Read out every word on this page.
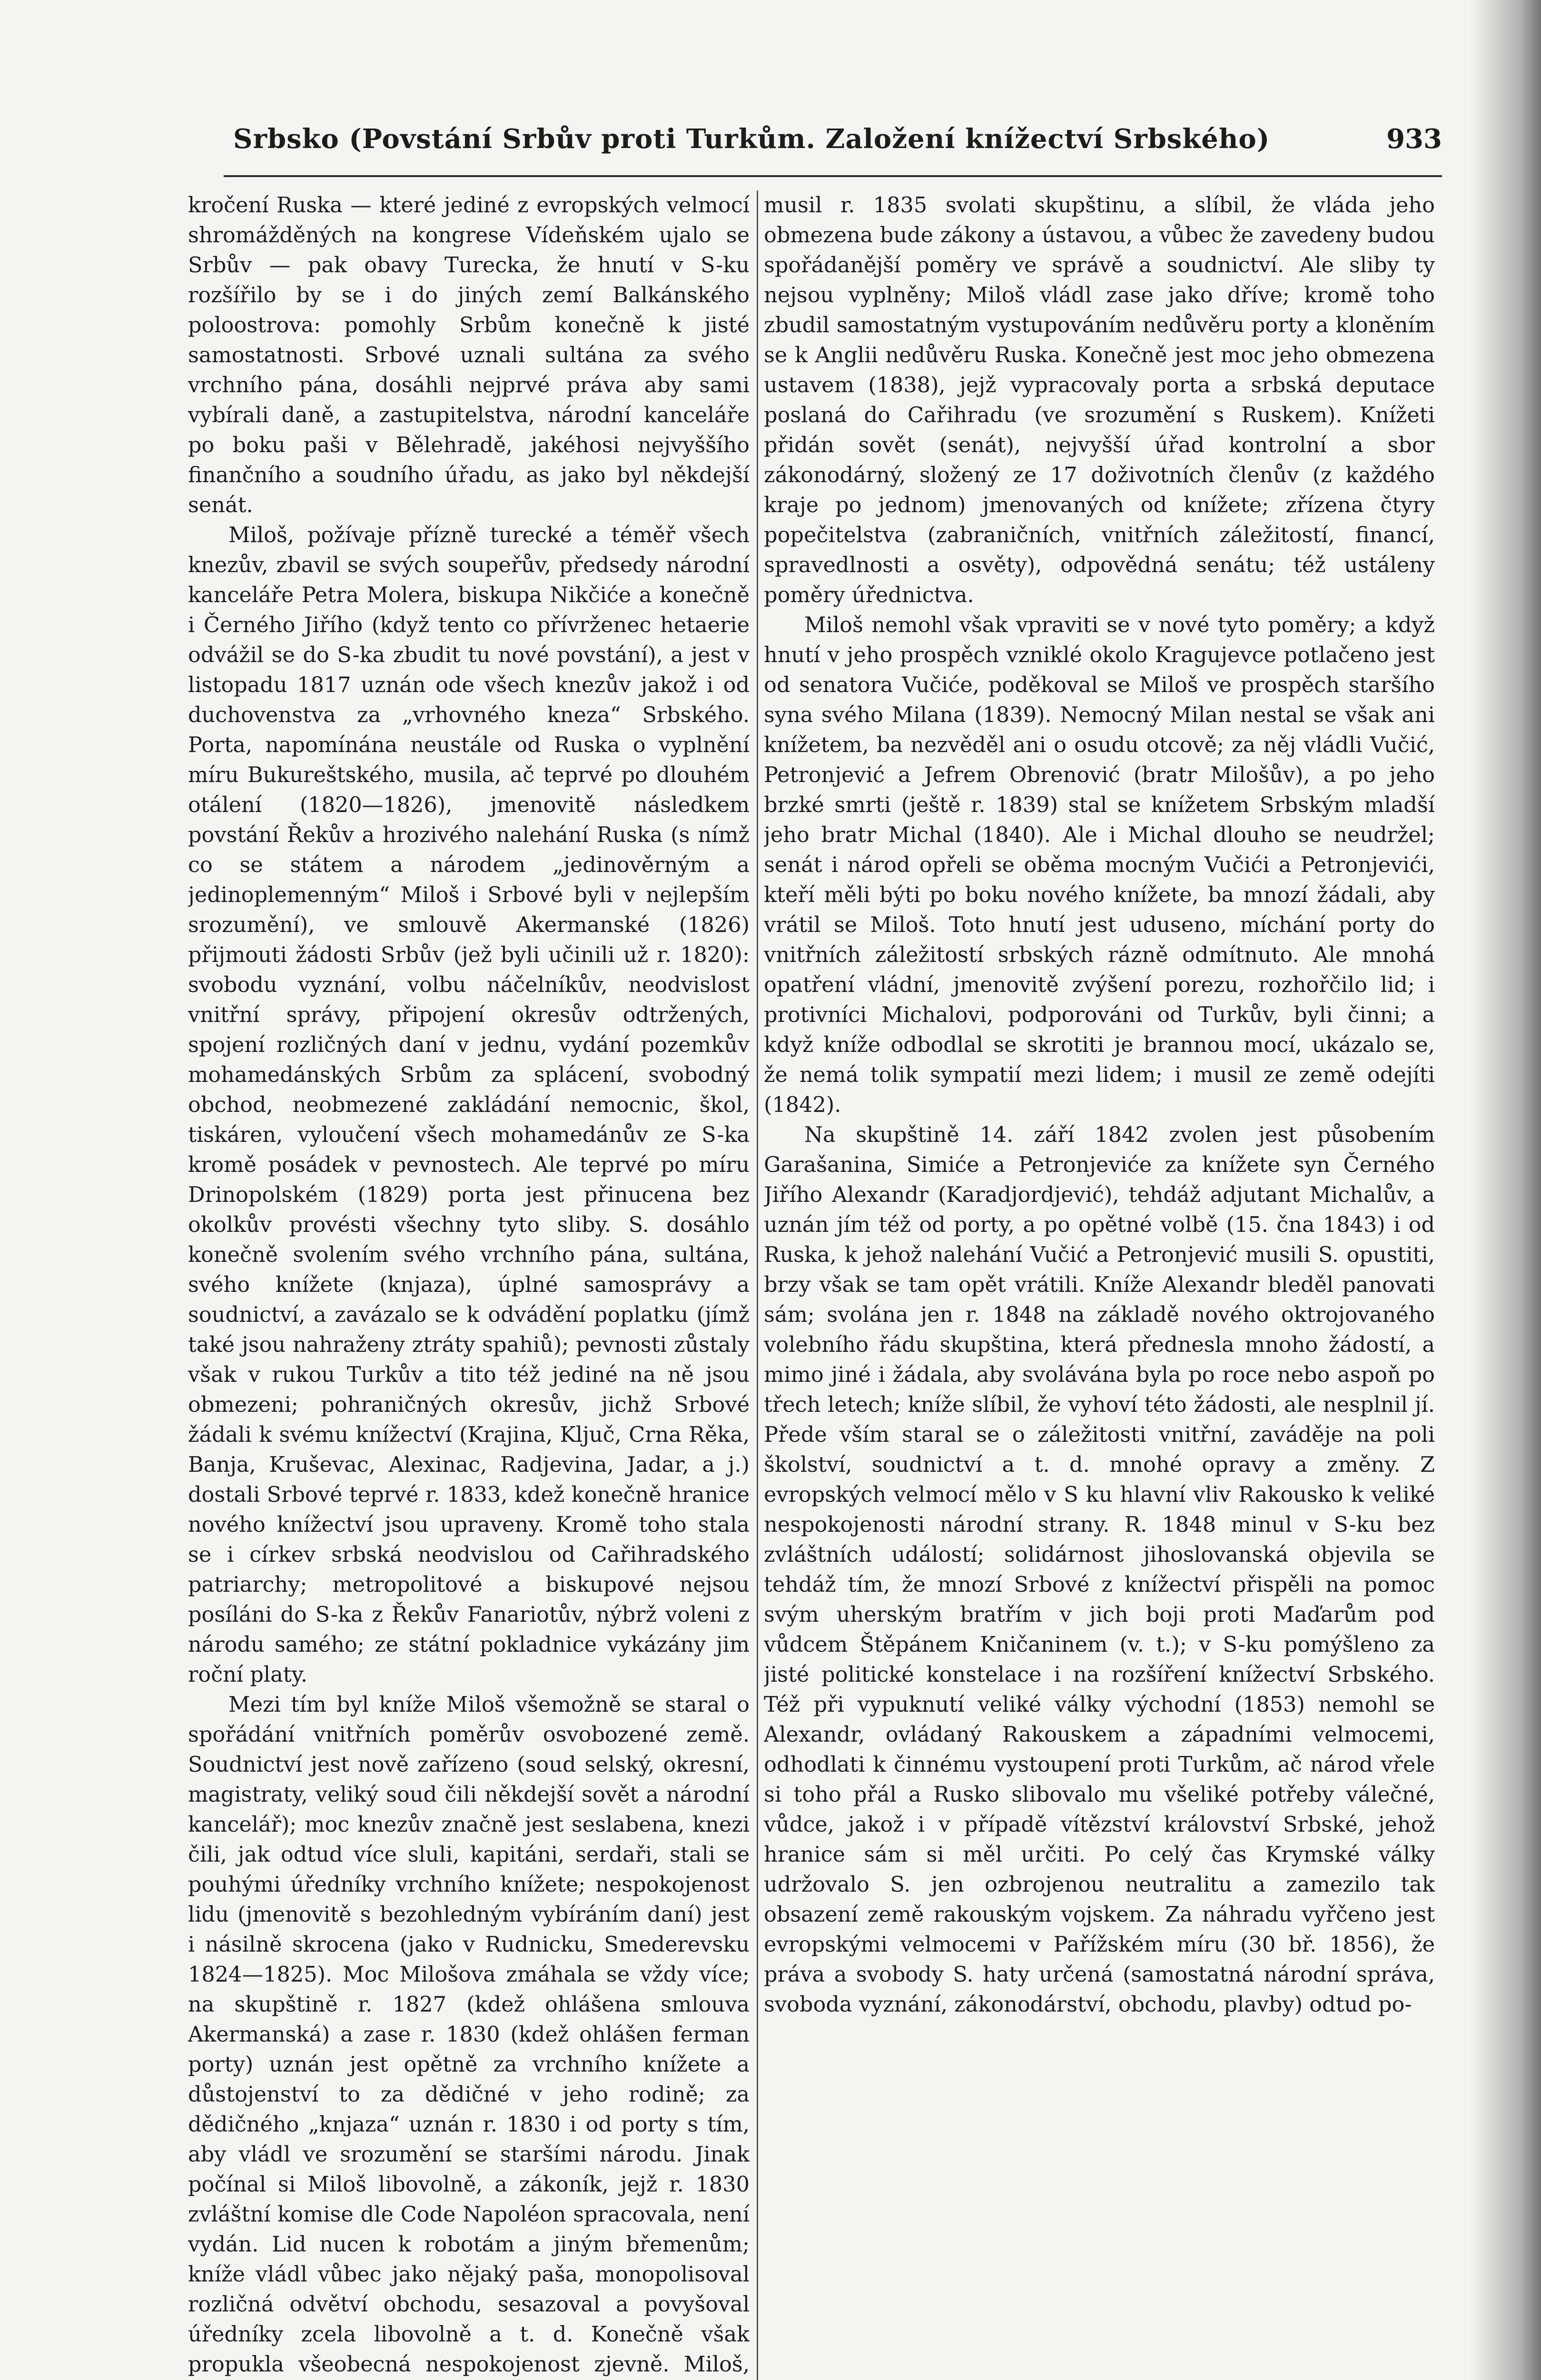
Srbsko (Povstání Srbův proti Turkům. Založení knížectví Srbského)	933

kročení Ruska — které jediné z evropských velmocí shromážděných na kongrese Vídeňském ujalo se Srbův — pak obavy Turecka, že hnutí v S-ku rozšířilo by se i do jiných zemí Balkánského poloostrova: pomohly Srbům konečně k jisté samostatnosti. Srbové uznali sultána za svého vrchního pána, dosáhli nejprvé práva aby sami vybírali daně, a zastupitelstva, národní kanceláře po boku paši v Bělehradě, jakéhosi nejvyššího finančního a soudního úřadu, as jako byl někdejší senát.

Miloš, požívaje přízně turecké a téměř všech knezův, zbavil se svých soupeřův, předsedy národní kanceláře Petra Molera, biskupa Nikčiće a konečně i Černého Jiřího (když tento co přívrženec hetaerie odvážil se do S-ka zbudit tu nové povstání), a jest v listopadu 1817 uznán ode všech knezův jakož i od duchovenstva za „vrhovného kneza“ Srbského. Porta, napomínána neustále od Ruska o vyplnění míru Bukureštského, musila, ač teprvé po dlouhém otálení (1820—1826), jmenovitě následkem povstání Řekův a hrozivého nalehání Ruska (s nímž co se státem a národem „jedinověrným a jedinoplemenným“ Miloš i Srbové byli v nejlepším srozumění), ve smlouvě Akermanské (1826) přijmouti žádosti Srbův (jež byli učinili už r. 1820): svobodu vyznání, volbu náčelníkův, neodvislost vnitřní správy, připojení okresův odtržených, spojení rozličných daní v jednu, vydání pozemkův mohamedánských Srbům za splácení, svobodný obchod, neobmezené zakládání nemocnic, škol, tiskáren, vyloučení všech mohamedánův ze S-ka kromě posádek v pevnostech. Ale teprvé po míru Drinopolském (1829) porta jest přinucena bez okolkův provésti všechny tyto sliby. S. dosáhlo konečně svolením svého vrchního pána, sultána, svého knížete (knjaza), úplné samosprávy a soudnictví, a zavázalo se k odvádění poplatku (jímž také jsou nahraženy ztráty spahiů); pevnosti zůstaly však v rukou Turkův a tito též jediné na ně jsou obmezeni; pohraničných okresův, jichž Srbové žádali k svému knížectví (Krajina, Ključ, Crna Rěka, Banja, Kruševac, Alexinac, Radjevina, Jadar, a j.) dostali Srbové teprvé r. 1833, kdež konečně hranice nového knížectví jsou upraveny. Kromě toho stala se i církev srbská neodvislou od Cařihradského patriarchy; metropolitové a biskupové nejsou posíláni do S-ka z Řekův Fanariotův, nýbrž voleni z národu samého; ze státní pokladnice vykázány jim roční platy.

Mezi tím byl kníže Miloš všemožně se staral o spořádání vnitřních poměrův osvobozené země. Soudnictví jest nově zařízeno (soud selský, okresní, magistraty, veliký soud čili někdejší sovět a národní kancelář); moc knezův značně jest seslabena, knezi čili, jak odtud více sluli, kapitáni, serdaři, stali se pouhými úředníky vrchního knížete; nespokojenost lidu (jmenovitě s bezohledným vybíráním daní) jest i násilně skrocena (jako v Rudnicku, Smederevsku 1824—1825). Moc Milošova zmáhala se vždy více; na skupštině r. 1827 (kdež ohlášena smlouva Akermanská) a zase r. 1830 (kdež ohlášen ferman porty) uznán jest opětně za vrchního knížete a důstojenství to za dědičné v jeho rodině; za dědičného „knjaza“ uznán r. 1830 i od porty s tím, aby vládl ve srozumění se staršími národu. Jinak počínal si Miloš libovolně, a zákoník, jejž r. 1830 zvláštní komise dle Code Napoléon spracovala, není vydán. Lid nucen k robotám a jiným břemenům; kníže vládl vůbec jako nějaký paša, monopolisoval rozličná odvětví obchodu, sesazoval a povyšoval úředníky zcela libovolně a t. d. Konečně však propukla všeobecná nespokojenost zjevně. Miloš,

musil r. 1835 svolati skupštinu, a slíbil, že vláda jeho obmezena bude zákony a ústavou, a vůbec že zavedeny budou spořádanější poměry ve správě a soudnictví. Ale sliby ty nejsou vyplněny; Miloš vládl zase jako dříve; kromě toho zbudil samostatným vystupováním nedůvěru porty a kloněním se k Anglii nedůvěru Ruska. Konečně jest moc jeho obmezena ustavem (1838), jejž vypracovaly porta a srbská deputace poslaná do Cařihradu (ve srozumění s Ruskem). Knížeti přidán sovět (senát), nejvyšší úřad kontrolní a sbor zákonodárný, složený ze 17 doživotních členův (z každého kraje po jednom) jmenovaných od knížete; zřízena čtyry popečitelstva (zabraničních, vnitřních záležitostí, financí, spravedlnosti a osvěty), odpovědná senátu; též ustáleny poměry úřednictva.

Miloš nemohl však vpraviti se v nové tyto poměry; a když hnutí v jeho prospěch vzniklé okolo Kragujevce potlačeno jest od senatora Vučiće, poděkoval se Miloš ve prospěch staršího syna svého Milana (1839). Nemocný Milan nestal se však ani knížetem, ba nezvěděl ani o osudu otcově; za něj vládli Vučić, Petronjević a Jefrem Obrenović (bratr Milošův), a po jeho brzké smrti (ještě r. 1839) stal se knížetem Srbským mladší jeho bratr Michal (1840). Ale i Michal dlouho se neudržel; senát i národ opřeli se oběma mocným Vučići a Petronjevići, kteří měli býti po boku nového knížete, ba mnozí žádali, aby vrátil se Miloš. Toto hnutí jest uduseno, míchání porty do vnitřních záležitostí srbských rázně odmítnuto. Ale mnohá opatření vládní, jmenovitě zvýšení porezu, rozhořčilo lid; i protivníci Michalovi, podporováni od Turkův, byli činni; a když kníže odbodlal se skrotiti je brannou mocí, ukázalo se, že nemá tolik sympatií mezi lidem; i musil ze země odejíti (1842).

Na skupštině 14. září 1842 zvolen jest působením Garašanina, Simiće a Petronjeviće za knížete syn Černého Jiřího Alexandr (Karadjordjević), tehdáž adjutant Michalův, a uznán jím též od porty, a po opětné volbě (15. čna 1843) i od Ruska, k jehož nalehání Vučić a Petronjević musili S. opustiti, brzy však se tam opět vrátili. Kníže Alexandr bleděl panovati sám; svolána jen r. 1848 na základě nového oktrojovaného volebního řádu skupština, která přednesla mnoho žádostí, a mimo jiné i žádala, aby svolávána byla po roce nebo aspoň po třech letech; kníže slíbil, že vyhoví této žádosti, ale nesplnil jí. Přede vším staral se o záležitosti vnitřní, zaváděje na poli školství, soudnictví a t. d. mnohé opravy a změny. Z evropských velmocí mělo v S ku hlavní vliv Rakousko k veliké nespokojenosti národní strany. R. 1848 minul v S-ku bez zvláštních událostí; solidárnost jihoslovanská objevila se tehdáž tím, že mnozí Srbové z knížectví přispěli na pomoc svým uherským bratřím v jich boji proti Maďarům pod vůdcem Štěpánem Kničaninem (v. t.); v S-ku pomýšleno za jisté politické konstelace i na rozšíření knížectví Srbského. Též při vypuknutí veliké války východní (1853) nemohl se Alexandr, ovládaný Rakouskem a západními velmocemi, odhodlati k činnému vystoupení proti Turkům, ač národ vřele si toho přál a Rusko slibovalo mu všeliké potřeby válečné, vůdce, jakož i v případě vítězství království Srbské, jehož hranice sám si měl určiti. Po celý čas Krymské války udržovalo S. jen ozbrojenou neutralitu a zamezilo tak obsazení země rakouským vojskem. Za náhradu vyřčeno jest evropskými velmocemi v Pařížském míru (30 bř. 1856), že práva a svobody S. haty určená (samostatná národní správa, svoboda vyznání, zákonodárství, obchodu, plavby) odtud po-
